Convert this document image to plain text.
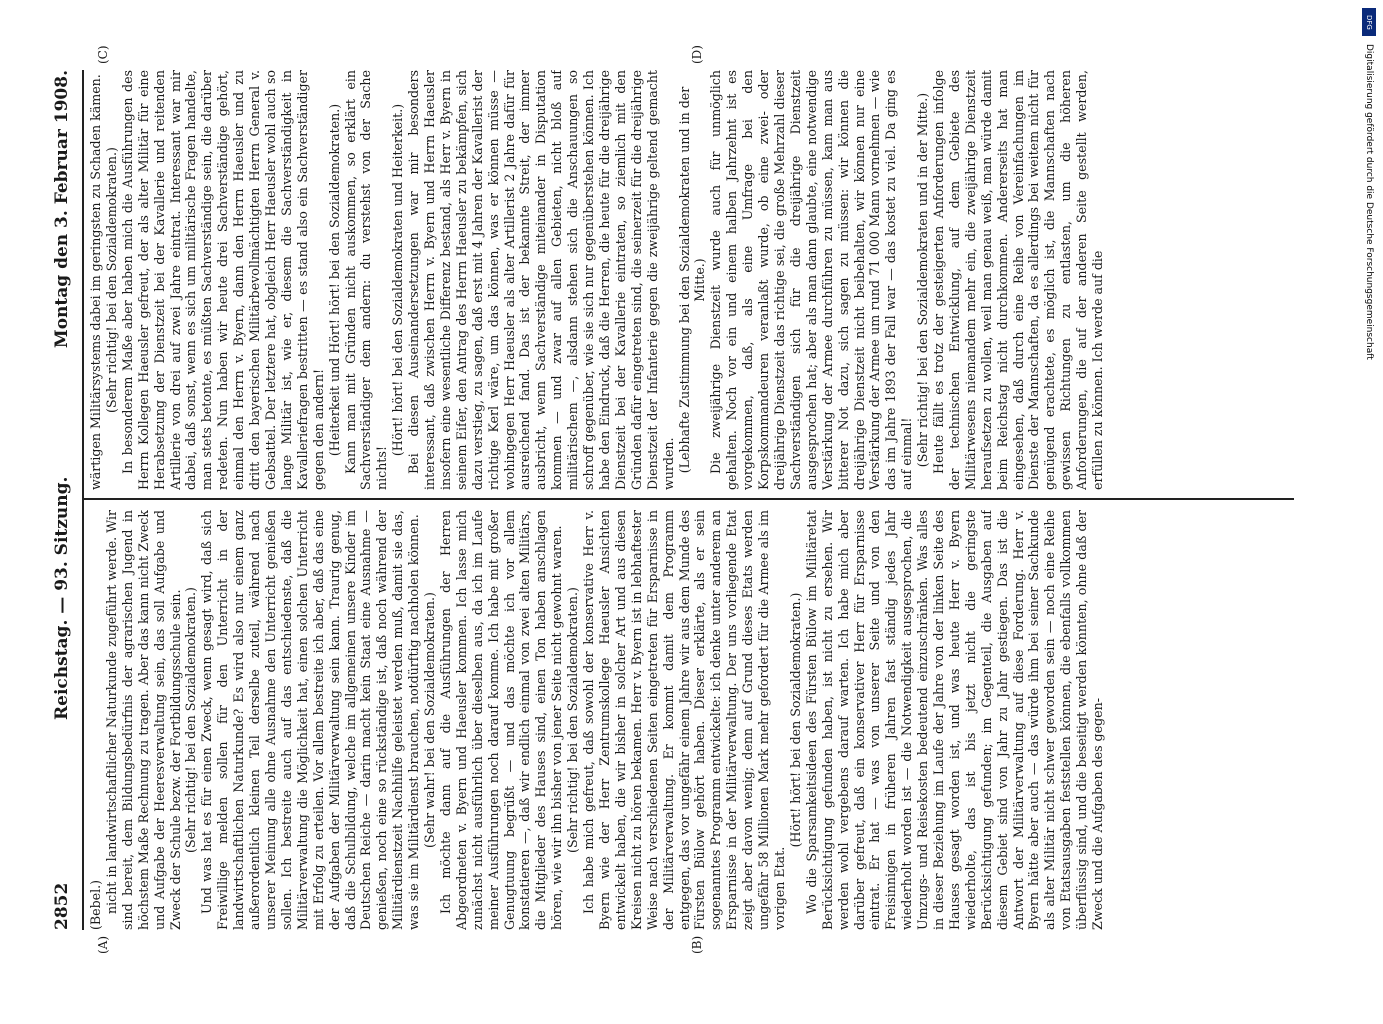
2852
Reichstag. — 93. Sitzung.
Montag den 3. Februar 1908.
(A)	(B)
(C)	(D)

(Bebel.) nicht in landwirtschaftlicher Naturkunde zugeführt werde. Wir sind bereit, dem Bildungsbedürfnis der agrarischen Jugend in höchstem Maße Rechnung zu tragen. Aber das kann nicht Zweck und Aufgabe der Heeresverwaltung sein, das soll Aufgabe und Zweck der Schule bezw. der Fortbildungsschule sein. (Sehr richtig! bei den Sozialdemokraten.) Und was hat es für einen Zweck, wenn gesagt wird, daß sich Freiwillige melden sollen für den Unterricht in der landwirtschaftlichen Naturkunde? Es wird also nur einem ganz außerordentlich kleinen Teil derselbe zuteil, während nach unserer Meinung alle ohne Ausnahme den Unterricht genießen sollen. Ich bestreite auch auf das entschiedenste, daß die Militärverwaltung die Möglichkeit hat, einen solchen Unterricht mit Erfolg zu erteilen. Vor allem bestreite ich aber, daß das eine der Aufgaben der Militärverwaltung sein kann. Traurig genug, daß die Schulbildung, welche im allgemeinen unsere Kinder im Deutschen Reiche — darin macht kein Staat eine Ausnahme — genießen, noch eine so rückständige ist, daß noch während der Militärdienstzeit Nachhilfe geleistet werden muß, damit sie das, was sie im Militärdienst brauchen, notdürftig nachholen können. (Sehr wahr! bei den Sozialdemokraten.) Ich möchte dann auf die Ausführungen der Herren Abgeordneten v. Byern und Haeusler kommen. Ich lasse mich zunächst nicht ausführlich über dieselben aus, da ich im Laufe meiner Ausführungen noch darauf komme. Ich habe mit großer Genugtuung begrüßt — und das möchte ich vor allem konstatieren —, daß wir endlich einmal von zwei alten Militärs, die Mitglieder des Hauses sind, einen Ton haben anschlagen hören, wie wir ihn bisher von jener Seite nicht gewohnt waren. (Sehr richtig! bei den Sozialdemokraten.) Ich habe mich gefreut, daß sowohl der konservative Herr v. Byern wie der Herr Zentrumskollege Haeusler Ansichten entwickelt haben, die wir bisher in solcher Art und aus diesen Kreisen nicht zu hören bekamen. Herr v. Byern ist in lebhaftester Weise nach verschiedenen Seiten eingetreten für Ersparnisse in der Militärverwaltung. Er kommt damit dem Programm entgegen, das vor ungefähr einem Jahre wir aus dem Munde des Fürsten Bülow gehört haben. Dieser erklärte, als er sein sogenanntes Programm entwickelte: ich denke unter anderem an Ersparnisse in der Militärverwaltung. Der uns vorliegende Etat zeigt aber davon wenig; denn auf Grund dieses Etats werden ungefähr 58 Millionen Mark mehr gefordert für die Armee als im vorigen Etat.

(Hört! hört! bei den Sozialdemokraten.) Wo die Sparsamkeitsideen des Fürsten Bülow im Militäretat Berücksichtigung gefunden haben, ist nicht zu ersehen. Wir werden wohl vergebens darauf warten. Ich habe mich aber darüber gefreut, daß ein konservativer Herr für Ersparnisse eintrat. Er hat — was von unserer Seite und von den Freisinnigen in früheren Jahren fast ständig jedes Jahr wiederholt worden ist — die Notwendigkeit ausgesprochen, die Umzugs- und Reisekosten bedeutend einzuschränken. Was alles in dieser Beziehung im Laufe der Jahre von der linken Seite des Hauses gesagt worden ist, und was heute Herr v. Byern wiederholte, das ist bis jetzt nicht die geringste Berücksichtigung gefunden; im Gegenteil, die Ausgaben auf diesem Gebiet sind von Jahr zu Jahr gestiegen. Das ist die Antwort der Militärverwaltung auf diese Forderung. Herr v. Byern hätte aber auch — das würde ihm bei seiner Sachkunde als alter Militär nicht schwer geworden sein — noch eine Reihe von Etatsausgaben feststellen können, die ebenfalls vollkommen überflüssig sind, und die beseitigt werden könnten, ohne daß der Zweck und die Aufgaben des gegen-

wärtigen Militärsystems dabei im geringsten zu Schaden kämen. (Sehr richtig! bei den Sozialdemokraten.) In besonderem Maße aber haben mich die Ausführungen des Herrn Kollegen Haeusler gefreut, der als alter Militär für eine Herabsetzung der Dienstzeit bei der Kavallerie und reitenden Artillerie von drei auf zwei Jahre eintrat. Interessant war mir dabei, daß sonst, wenn es sich um militärische Fragen handelte, man stets betonte, es müßten Sachverständige sein, die darüber redeten. Nun haben wir heute drei Sachverständige gehört, einmal den Herrn v. Byern, dann den Herrn Haeusler und zu dritt den bayerischen Militärbevollmächtigten Herrn General v. Gebsattel. Der letztere hat, obgleich Herr Haeusler wohl auch so lange Militär ist, wie er, diesem die Sachverständigkeit in Kavalleriefragen bestritten — es stand also ein Sachverständiger gegen den andern! (Heiterkeit und Hört! hört! bei den Sozialdemokraten.) Kann man mit Gründen nicht auskommen, so erklärt ein Sachverständiger dem andern: du verstehst von der Sache nichts!

(Hört! hört! bei den Sozialdemokraten und Heiterkeit.) Bei diesen Auseinandersetzungen war mir besonders interessant, daß zwischen Herrn v. Byern und Herrn Haeusler insofern eine wesentliche Differenz bestand, als Herr v. Byern in seinem Eifer, den Antrag des Herrn Haeusler zu bekämpfen, sich dazu verstieg, zu sagen, daß erst mit 4 Jahren der Kavallerist der richtige Kerl wäre, um das können, was er können müsse — wohingegen Herr Haeusler als alter Artillerist 2 Jahre dafür für ausreichend fand. Das ist der bekannte Streit, der immer ausbricht, wenn Sachverständige miteinander in Disputation kommen — und zwar auf allen Gebieten, nicht bloß auf militärischem —, alsdann stehen sich die Anschauungen so schroff gegenüber, wie sie sich nur gegenüberstehen können. Ich habe den Eindruck, daß die Herren, die heute für die dreijährige Dienstzeit bei der Kavallerie eintraten, so ziemlich mit den Gründen dafür eingetreten sind, die seinerzeit für die dreijährige Dienstzeit der Infanterie gegen die zweijährige geltend gemacht wurden. (Lebhafte Zustimmung bei den Sozialdemokraten und in der Mitte.) Die zweijährige Dienstzeit wurde auch für unmöglich gehalten. Noch vor ein und einem halben Jahrzehnt ist es vorgekommen, daß, als eine Umfrage bei den Korpskommandeuren veranlaßt wurde, ob eine zwei- oder dreijährige Dienstzeit das richtige sei, die große Mehrzahl dieser Sachverständigen sich für die dreijährige Dienstzeit ausgesprochen hat; aber als man dann glaubte, eine notwendige Verstärkung der Armee durchführen zu müssen, kam man aus bitterer Not dazu, sich sagen zu müssen: wir können die dreijährige Dienstzeit nicht beibehalten, wir können nur eine Verstärkung der Armee um rund 71 000 Mann vornehmen — wie das im Jahre 1893 der Fall war — das kostet zu viel. Da ging es auf einmal! (Sehr richtig! bei den Sozialdemokraten und in der Mitte.) Heute fällt es trotz der gesteigerten Anforderungen infolge der technischen Entwicklung, auf dem Gebiete des Militärwesens niemandem mehr ein, die zweijährige Dienstzeit heraufsetzen zu wollen, weil man genau weiß, man würde damit beim Reichstag nicht durchkommen. Andererseits hat man eingesehen, daß durch eine Reihe von Vereinfachungen im Dienste der Mannschaften, da es allerdings bei weitem nicht für genügend erachtete, es möglich ist, die Mannschaften nach gewissen Richtungen zu entlasten, um die höheren Anforderungen, die auf der anderen Seite gestellt werden, erfüllen zu können. Ich werde auf die

DFG
Digitalisierung gefördert durch die Deutsche Forschungsgemeinschaft
